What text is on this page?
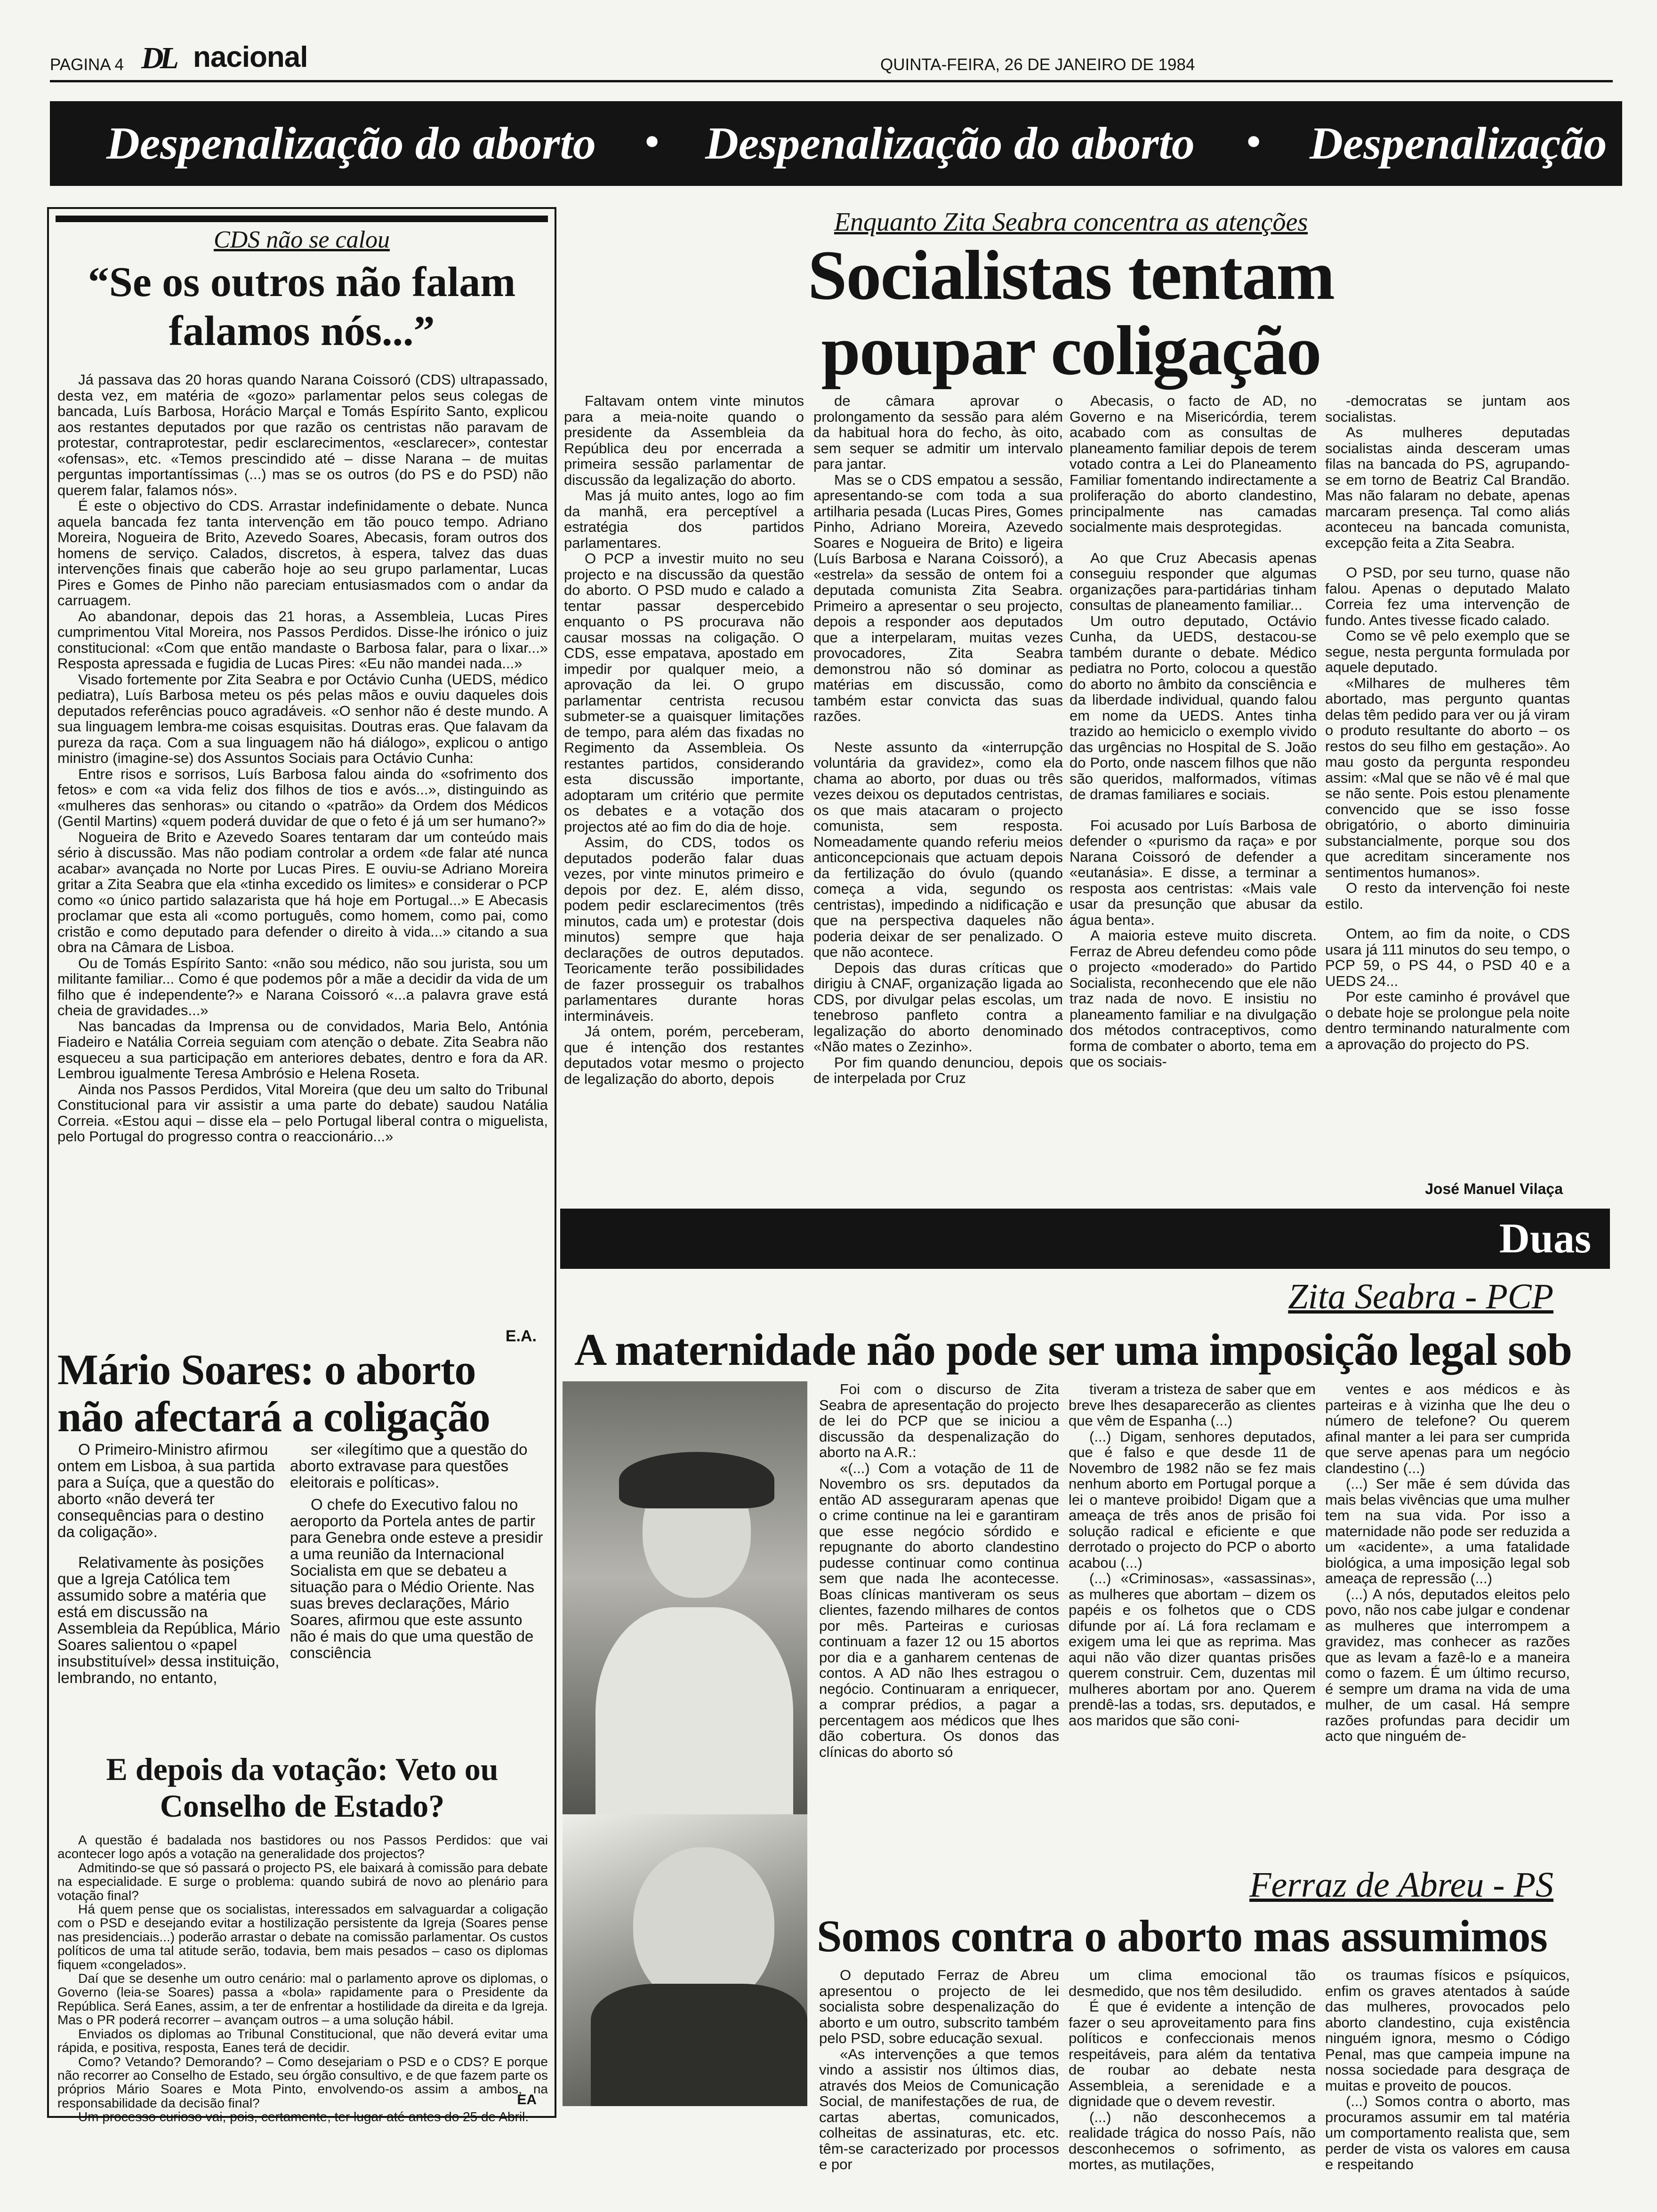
PAGINA 4 DL nacional	QUINTA-FEIRA, 26 DE JANEIRO DE 1984
Despenalização do aborto • Despenalização do aborto • Despenalização
CDS não se calou
“Se os outros não falam falamos nós...”

Já passava das 20 horas quando Narana Coissoró (CDS) ultrapassado, desta vez, em matéria de «gozo» parlamentar pelos seus colegas de bancada, Luís Barbosa, Horácio Marçal e Tomás Espírito Santo, explicou aos restantes deputados por que razão os centristas não paravam de protestar, contraprotestar, pedir esclarecimentos, «esclarecer», contestar «ofensas», etc. «Temos prescindido até – disse Narana – de muitas perguntas importantíssimas (...) mas se os outros (do PS e do PSD) não querem falar, falamos nós».

É este o objectivo do CDS. Arrastar indefinidamente o debate. Nunca aquela bancada fez tanta intervenção em tão pouco tempo. Adriano Moreira, Nogueira de Brito, Azevedo Soares, Abecasis, foram outros dos homens de serviço. Calados, discretos, à espera, talvez das duas intervenções finais que caberão hoje ao seu grupo parlamentar, Lucas Pires e Gomes de Pinho não pareciam entusiasmados com o andar da carruagem.

Ao abandonar, depois das 21 horas, a Assembleia, Lucas Pires cumprimentou Vital Moreira, nos Passos Perdidos. Disse-lhe irónico o juiz constitucional: «Com que então mandaste o Barbosa falar, para o lixar...» Resposta apressada e fugidia de Lucas Pires: «Eu não mandei nada...»

Visado fortemente por Zita Seabra e por Octávio Cunha (UEDS, médico pediatra), Luís Barbosa meteu os pés pelas mãos e ouviu daqueles dois deputados referências pouco agradáveis. «O senhor não é deste mundo. A sua linguagem lembra-me coisas esquisitas. Doutras eras. Que falavam da pureza da raça. Com a sua linguagem não há diálogo», explicou o antigo ministro (imagine-se) dos Assuntos Sociais para Octávio Cunha:

Entre risos e sorrisos, Luís Barbosa falou ainda do «sofrimento dos fetos» e com «a vida feliz dos filhos de tios e avós...», distinguindo as «mulheres das senhoras» ou citando o «patrão» da Ordem dos Médicos (Gentil Martins) «quem poderá duvidar de que o feto é já um ser humano?»

Nogueira de Brito e Azevedo Soares tentaram dar um conteúdo mais sério à discussão. Mas não podiam controlar a ordem «de falar até nunca acabar» avançada no Norte por Lucas Pires. E ouviu-se Adriano Moreira gritar a Zita Seabra que ela «tinha excedido os limites» e considerar o PCP como «o único partido salazarista que há hoje em Portugal...» E Abecasis proclamar que esta ali «como português, como homem, como pai, como cristão e como deputado para defender o direito à vida...» citando a sua obra na Câmara de Lisboa.

Ou de Tomás Espírito Santo: «não sou médico, não sou jurista, sou um militante familiar... Como é que podemos pôr a mãe a decidir da vida de um filho que é independente?» e Narana Coissoró «...a palavra grave está cheia de gravidades...»

Nas bancadas da Imprensa ou de convidados, Maria Belo, Antónia Fiadeiro e Natália Correia seguiam com atenção o debate. Zita Seabra não esqueceu a sua participação em anteriores debates, dentro e fora da AR. Lembrou igualmente Teresa Ambrósio e Helena Roseta.

Ainda nos Passos Perdidos, Vital Moreira (que deu um salto do Tribunal Constitucional para vir assistir a uma parte do debate) saudou Natália Correia. «Estou aqui – disse ela – pelo Portugal liberal contra o miguelista, pelo Portugal do progresso contra o reaccionário...»

E.A.
Mário Soares: o aborto não afectará a coligação

O Primeiro-Ministro afirmou ontem em Lisboa, à sua partida para a Suíça, que a questão do aborto «não deverá ter consequências para o destino da coligação».

Relativamente às posições que a Igreja Católica tem assumido sobre a matéria que está em discussão na Assembleia da República, Mário Soares salientou o «papel insubstituível» dessa instituição, lembrando, no entanto,

ser «ilegítimo que a questão do aborto extravase para questões eleitorais e políticas».

O chefe do Executivo falou no aeroporto da Portela antes de partir para Genebra onde esteve a presidir a uma reunião da Internacional Socialista em que se debateu a situação para o Médio Oriente. Nas suas breves declarações, Mário Soares, afirmou que este assunto não é mais do que uma questão de consciência

E depois da votação: Veto ou Conselho de Estado?

A questão é badalada nos bastidores ou nos Passos Perdidos: que vai acontecer logo após a votação na generalidade dos projectos?

Admitindo-se que só passará o projecto PS, ele baixará à comissão para debate na especialidade. E surge o problema: quando subirá de novo ao plenário para votação final?

Há quem pense que os socialistas, interessados em salvaguardar a coligação com o PSD e desejando evitar a hostilização persistente da Igreja (Soares pense nas presidenciais...) poderão arrastar o debate na comissão parlamentar. Os custos políticos de uma tal atitude serão, todavia, bem mais pesados – caso os diplomas fiquem «congelados».

Daí que se desenhe um outro cenário: mal o parlamento aprove os diplomas, o Governo (leia-se Soares) passa a «bola» rapidamente para o Presidente da República. Será Eanes, assim, a ter de enfrentar a hostilidade da direita e da Igreja. Mas o PR poderá recorrer – avançam outros – a uma solução hábil.

Enviados os diplomas ao Tribunal Constitucional, que não deverá evitar uma rápida, e positiva, resposta, Eanes terá de decidir.

Como? Vetando? Demorando? – Como desejariam o PSD e o CDS? E porque não recorrer ao Conselho de Estado, seu órgão consultivo, e de que fazem parte os próprios Mário Soares e Mota Pinto, envolvendo-os assim a ambos, na responsabilidade da decisão final?

Um processo curioso vai, pois, certamente, ter lugar até antes do 25 de Abril.

EA
Enquanto Zita Seabra concentra as atenções
Socialistas tentam
poupar coligação

Faltavam ontem vinte minutos para a meia-noite quando o presidente da Assembleia da República deu por encerrada a primeira sessão parlamentar de discussão da legalização do aborto.

Mas já muito antes, logo ao fim da manhã, era perceptível a estratégia dos partidos parlamentares.

O PCP a investir muito no seu projecto e na discussão da questão do aborto. O PSD mudo e calado a tentar passar despercebido enquanto o PS procurava não causar mossas na coligação. O CDS, esse empatava, apostado em impedir por qualquer meio, a aprovação da lei. O grupo parlamentar centrista recusou submeter-se a quaisquer limitações de tempo, para além das fixadas no Regimento da Assembleia. Os restantes partidos, considerando esta discussão importante, adoptaram um critério que permite os debates e a votação dos projectos até ao fim do dia de hoje.

Assim, do CDS, todos os deputados poderão falar duas vezes, por vinte minutos primeiro e depois por dez. E, além disso, podem pedir esclarecimentos (três minutos, cada um) e protestar (dois minutos) sempre que haja declarações de outros deputados. Teoricamente terão possibilidades de fazer prosseguir os trabalhos parlamentares durante horas intermináveis.

Já ontem, porém, perceberam, que é intenção dos restantes deputados votar mesmo o projecto de legalização do aborto, depois

de câmara aprovar o prolongamento da sessão para além da habitual hora do fecho, às oito, sem sequer se admitir um intervalo para jantar.

Mas se o CDS empatou a sessão, apresentando-se com toda a sua artilharia pesada (Lucas Pires, Gomes Pinho, Adriano Moreira, Azevedo Soares e Nogueira de Brito) e ligeira (Luís Barbosa e Narana Coissoró), a «estrela» da sessão de ontem foi a deputada comunista Zita Seabra. Primeiro a apresentar o seu projecto, depois a responder aos deputados que a interpelaram, muitas vezes provocadores, Zita Seabra demonstrou não só dominar as matérias em discussão, como também estar convicta das suas razões.

Neste assunto da «interrupção voluntária da gravidez», como ela chama ao aborto, por duas ou três vezes deixou os deputados centristas, os que mais atacaram o projecto comunista, sem resposta. Nomeadamente quando referiu meios anticoncepcionais que actuam depois da fertilização do óvulo (quando começa a vida, segundo os centristas), impedindo a nidificação e que na perspectiva daqueles não poderia deixar de ser penalizado. O que não acontece.

Depois das duras críticas que dirigiu à CNAF, organização ligada ao CDS, por divulgar pelas escolas, um tenebroso panfleto contra a legalização do aborto denominado «Não mates o Zezinho».

Por fim quando denunciou, depois de interpelada por Cruz

Abecasis, o facto de AD, no Governo e na Misericórdia, terem acabado com as consultas de planeamento familiar depois de terem votado contra a Lei do Planeamento Familiar fomentando indirectamente a proliferação do aborto clandestino, principalmente nas camadas socialmente mais desprotegidas.

Ao que Cruz Abecasis apenas conseguiu responder que algumas organizações para-partidárias tinham consultas de planeamento familiar...

Um outro deputado, Octávio Cunha, da UEDS, destacou-se também durante o debate. Médico pediatra no Porto, colocou a questão do aborto no âmbito da consciência e da liberdade individual, quando falou em nome da UEDS. Antes tinha trazido ao hemiciclo o exemplo vivido das urgências no Hospital de S. João do Porto, onde nascem filhos que não são queridos, malformados, vítimas de dramas familiares e sociais.

Foi acusado por Luís Barbosa de defender o «purismo da raça» e por Narana Coissoró de defender a «eutanásia». E disse, a terminar a resposta aos centristas: «Mais vale usar da presunção que abusar da água benta».

A maioria esteve muito discreta. Ferraz de Abreu defendeu como pôde o projecto «moderado» do Partido Socialista, reconhecendo que ele não traz nada de novo. E insistiu no planeamento familiar e na divulgação dos métodos contraceptivos, como forma de combater o aborto, tema em que os sociais-

-democratas se juntam aos socialistas.

As mulheres deputadas socialistas ainda desceram umas filas na bancada do PS, agrupando-se em torno de Beatriz Cal Brandão. Mas não falaram no debate, apenas marcaram presença. Tal como aliás aconteceu na bancada comunista, excepção feita a Zita Seabra.

O PSD, por seu turno, quase não falou. Apenas o deputado Malato Correia fez uma intervenção de fundo. Antes tivesse ficado calado.

Como se vê pelo exemplo que se segue, nesta pergunta formulada por aquele deputado.

«Milhares de mulheres têm abortado, mas pergunto quantas delas têm pedido para ver ou já viram o produto resultante do aborto – os restos do seu filho em gestação». Ao mau gosto da pergunta respondeu assim: «Mal que se não vê é mal que se não sente. Pois estou plenamente convencido que se isso fosse obrigatório, o aborto diminuiria substancialmente, porque sou dos que acreditam sinceramente nos sentimentos humanos».

O resto da intervenção foi neste estilo.

Ontem, ao fim da noite, o CDS usara já 111 minutos do seu tempo, o PCP 59, o PS 44, o PSD 40 e a UEDS 24...

Por este caminho é provável que o debate hoje se prolongue pela noite dentro terminando naturalmente com a aprovação do projecto do PS.

José Manuel Vilaça
Duas
Zita Seabra - PCP
A maternidade não pode ser uma imposição legal sob

Foi com o discurso de Zita Seabra de apresentação do projecto de lei do PCP que se iniciou a discussão da despenalização do aborto na A.R.:

«(...) Com a votação de 11 de Novembro os srs. deputados da então AD asseguraram apenas que o crime continue na lei e garantiram que esse negócio sórdido e repugnante do aborto clandestino pudesse continuar como continua sem que nada lhe acontecesse. Boas clínicas mantiveram os seus clientes, fazendo milhares de contos por mês. Parteiras e curiosas continuam a fazer 12 ou 15 abortos por dia e a ganharem centenas de contos. A AD não lhes estragou o negócio. Continuaram a enriquecer, a comprar prédios, a pagar a percentagem aos médicos que lhes dão cobertura. Os donos das clínicas do aborto só

tiveram a tristeza de saber que em breve lhes desaparecerão as clientes que vêm de Espanha (...)

(...) Digam, senhores deputados, que é falso e que desde 11 de Novembro de 1982 não se fez mais nenhum aborto em Portugal porque a lei o manteve proibido! Digam que a ameaça de três anos de prisão foi solução radical e eficiente e que derrotado o projecto do PCP o aborto acabou (...)

(...) «Criminosas», «assassinas», as mulheres que abortam – dizem os papéis e os folhetos que o CDS difunde por aí. Lá fora reclamam e exigem uma lei que as reprima. Mas aqui não vão dizer quantas prisões querem construir. Cem, duzentas mil mulheres abortam por ano. Querem prendê-las a todas, srs. deputados, e aos maridos que são coni-

ventes e aos médicos e às parteiras e à vizinha que lhe deu o número de telefone? Ou querem afinal manter a lei para ser cumprida que serve apenas para um negócio clandestino (...)

(...) Ser mãe é sem dúvida das mais belas vivências que uma mulher tem na sua vida. Por isso a maternidade não pode ser reduzida a um «acidente», a uma fatalidade biológica, a uma imposição legal sob ameaça de repressão (...)

(...) A nós, deputados eleitos pelo povo, não nos cabe julgar e condenar as mulheres que interrompem a gravidez, mas conhecer as razões que as levam a fazê-lo e a maneira como o fazem. É um último recurso, é sempre um drama na vida de uma mulher, de um casal. Há sempre razões profundas para decidir um acto que ninguém de-

Ferraz de Abreu - PS
Somos contra o aborto mas assumimos

O deputado Ferraz de Abreu apresentou o projecto de lei socialista sobre despenalização do aborto e um outro, subscrito também pelo PSD, sobre educação sexual.

«As intervenções a que temos vindo a assistir nos últimos dias, através dos Meios de Comunicação Social, de manifestações de rua, de cartas abertas, comunicados, colheitas de assinaturas, etc. etc. têm-se caracterizado por processos e por

um clima emocional tão desmedido, que nos têm desiludido.

É que é evidente a intenção de fazer o seu aproveitamento para fins políticos e confeccionais menos respeitáveis, para além da tentativa de roubar ao debate nesta Assembleia, a serenidade e a dignidade que o devem revestir.

(...) não desconhecemos a realidade trágica do nosso País, não desconhecemos o sofrimento, as mortes, as mutilações,

os traumas físicos e psíquicos, enfim os graves atentados à saúde das mulheres, provocados pelo aborto clandestino, cuja existência ninguém ignora, mesmo o Código Penal, mas que campeia impune na nossa sociedade para desgraça de muitas e proveito de poucos.

(...) Somos contra o aborto, mas procuramos assumir em tal matéria um comportamento realista que, sem perder de vista os valores em causa e respeitando
